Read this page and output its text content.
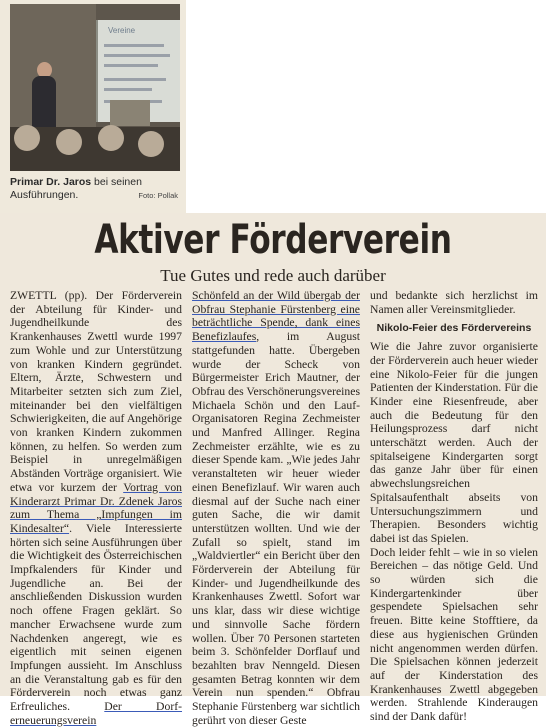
Vereine
Primar Dr. Jaros bei seinen Ausführungen.	Foto: Pollak
Aktiver Förderverein
Tue Gutes und rede auch darüber

ZWETTL (pp). Der Förderverein der Abteilung für Kinder- und Jugendheilkunde des Krankenhauses Zwettl wurde 1997 zum Wohle und zur Unterstützung von kranken Kindern gegründet. Eltern, Ärzte, Schwestern und Mitarbeiter setzten sich zum Ziel, miteinander bei den vielfältigen Schwierigkeiten, die auf Angehörige von kranken Kindern zukommen können, zu helfen. So werden zum Beispiel in unregelmäßigen Abständen Vorträge organisiert. Wie etwa vor kurzem der Vortrag von Kinderarzt Primar Dr. Zdenek Jaros zum Thema „Impfungen im Kindesalter“. Viele Interessierte hörten sich seine Ausführungen über die Wichtigkeit des Österreichischen Impfkalenders für Kinder und Jugendliche an. Bei der anschließenden Diskussion wurden noch offene Fragen geklärt. So mancher Erwachsene wurde zum Nachdenken angeregt, wie es eigentlich mit seinen eigenen Impfungen aussieht. Im Anschluss an die Veranstaltung gab es für den Förderverein noch etwas ganz Erfreuliches. Der Dorf-erneuerungsverein

Schönfeld an der Wild übergab der Obfrau Stephanie Fürstenberg eine beträchtliche Spende, dank eines Benefizlaufes, im August stattgefunden hatte. Übergeben wurde der Scheck von Bürgermeister Erich Mautner, der Obfrau des Verschönerungsvereines Michaela Schön und den Lauf-Organisatoren Regina Zechmeister und Manfred Allinger. Regina Zechmeister erzählte, wie es zu dieser Spende kam. „Wie jedes Jahr veranstalteten wir heuer wieder einen Benefizlauf. Wir waren auch diesmal auf der Suche nach einer guten Sache, die wir damit unterstützen wollten. Und wie der Zufall so spielt, stand im „Waldviertler“ ein Bericht über den Förderverein der Abteilung für Kinder- und Jugendheilkunde des Krankenhauses Zwettl. Sofort war uns klar, dass wir diese wichtige und sinnvolle Sache fördern wollen. Über 70 Personen starteten beim 3. Schönfelder Dorflauf und bezahlten brav Nenngeld. Diesen gesamten Betrag konnten wir dem Verein nun spenden.“ Obfrau Stephanie Fürstenberg war sichtlich gerührt von dieser Geste

und bedankte sich herzlichst im Namen aller Vereinsmitglieder.

Nikolo-Feier des Fördervereins

Wie die Jahre zuvor organisierte der Förderverein auch heuer wieder eine Nikolo-Feier für die jungen Patienten der Kinderstation. Für die Kinder eine Riesenfreude, aber auch die Bedeutung für den Heilungsprozess darf nicht unterschätzt werden. Auch der spitalseigene Kindergarten sorgt das ganze Jahr über für einen abwechslungsreichen Spitalsaufenthalt abseits von Untersuchungszimmern und Therapien. Besonders wichtig dabei ist das Spielen.

Doch leider fehlt – wie in so vielen Bereichen – das nötige Geld. Und so würden sich die Kindergartenkinder über gespendete Spielsachen sehr freuen. Bitte keine Stofftiere, da diese aus hygienischen Gründen nicht angenommen werden dürfen. Die Spielsachen können jederzeit auf der Kinderstation des Krankenhauses Zwettl abgegeben werden. Strahlende Kinderaugen sind der Dank dafür!
